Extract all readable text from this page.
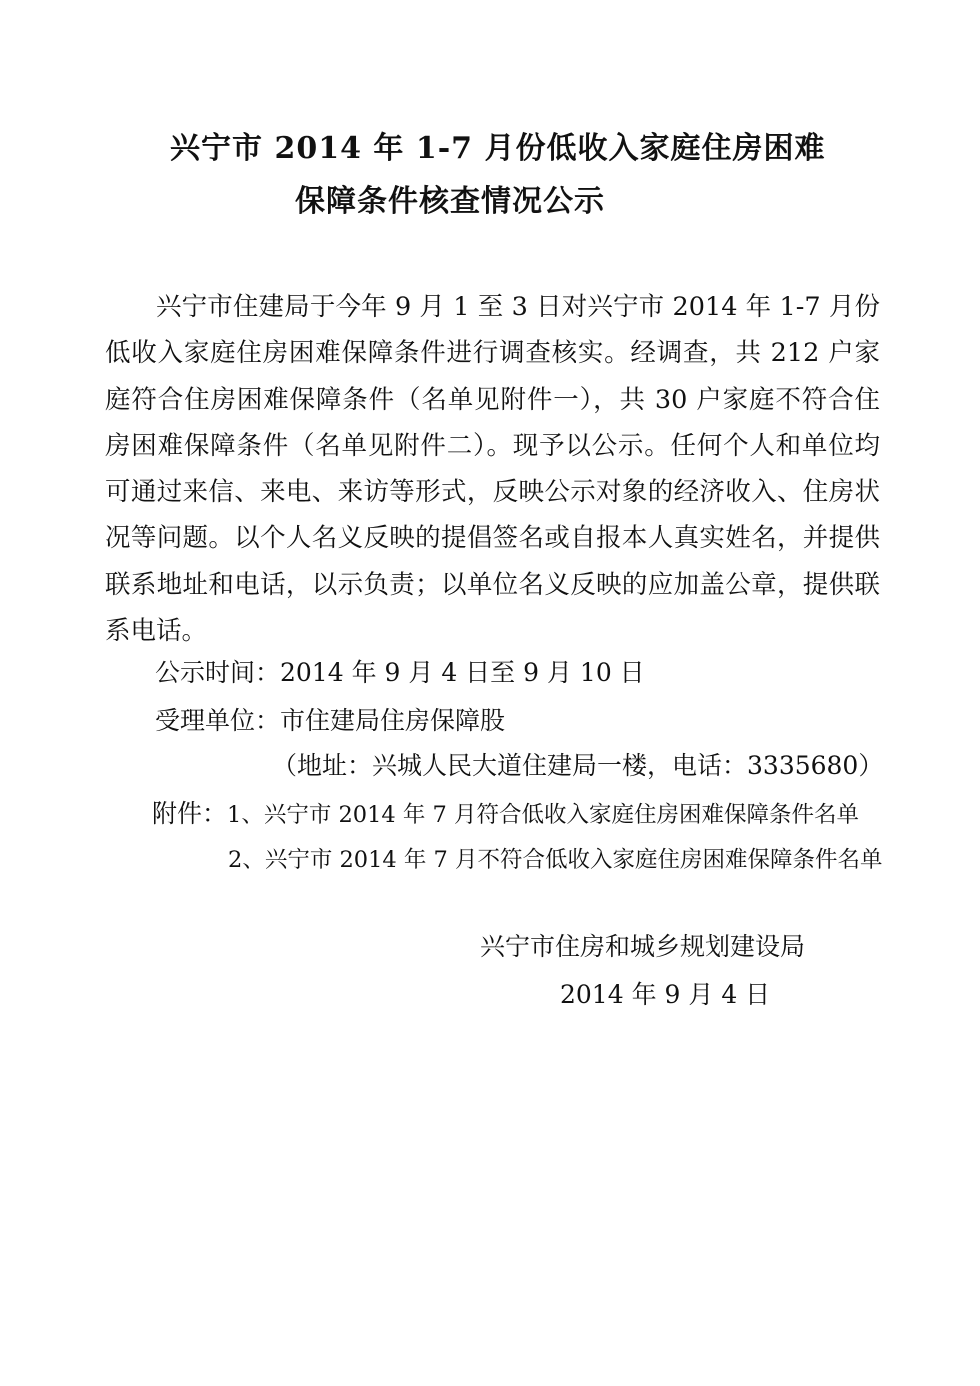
兴宁市 2014 年 1-7 月份低收入家庭住房困难
保障条件核查情况公示

兴宁市住建局于今年 9 月 1 至 3 日对兴宁市 2014 年 1-7 月份低收入家庭住房困难保障条件进行调查核实。经调查，共 212 户家庭符合住房困难保障条件（名单见附件一），共 30 户家庭不符合住房困难保障条件（名单见附件二）。现予以公示。任何个人和单位均可通过来信、来电、来访等形式，反映公示对象的经济收入、住房状况等问题。以个人名义反映的提倡签名或自报本人真实姓名，并提供联系地址和电话，以示负责；以单位名义反映的应加盖公章，提供联系电话。

公示时间：2014 年 9 月 4 日至 9 月 10 日
受理单位：市住建局住房保障股
（地址：兴城人民大道住建局一楼，电话：3335680）
附件：1、兴宁市 2014 年 7 月符合低收入家庭住房困难保障条件名单
2、兴宁市 2014 年 7 月不符合低收入家庭住房困难保障条件名单
兴宁市住房和城乡规划建设局
2014 年 9 月 4 日
